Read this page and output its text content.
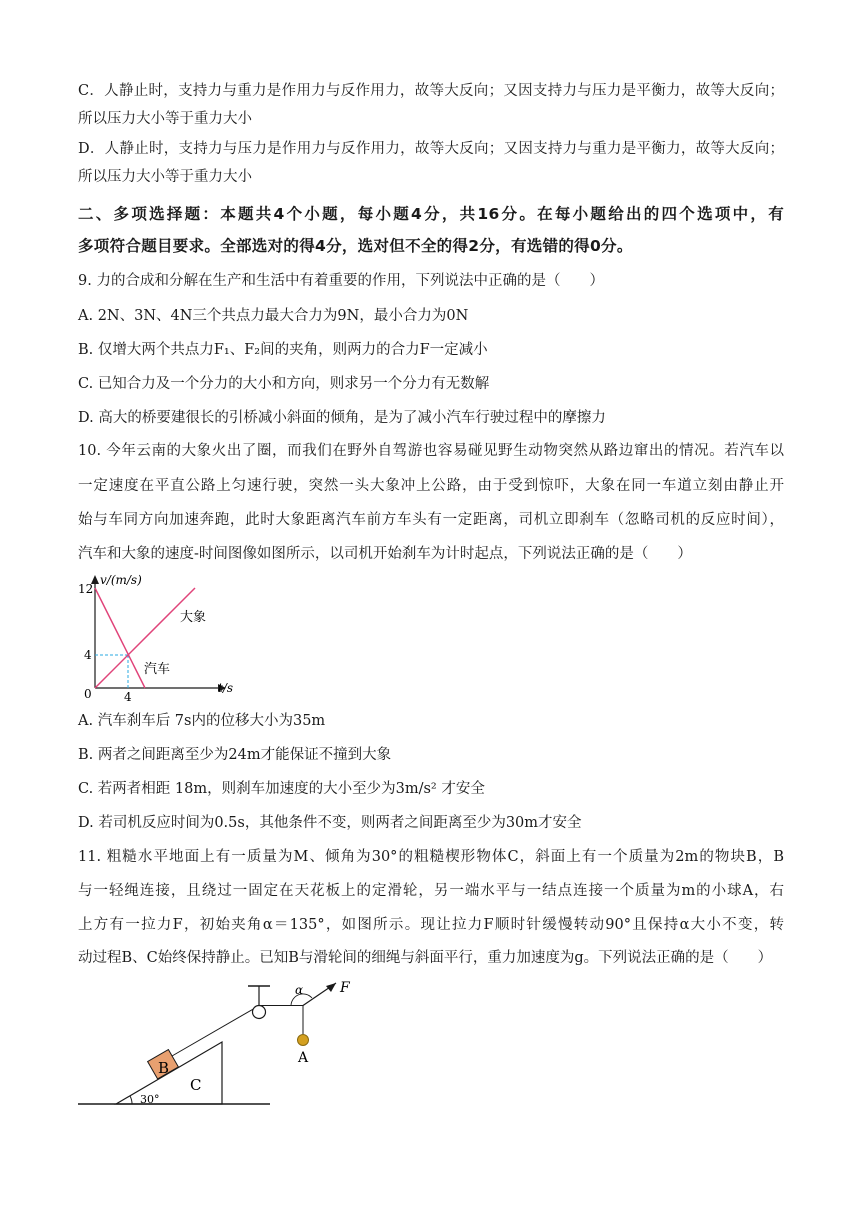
C．人静止时，支持力与重力是作用力与反作用力，故等大反向；又因支持力与压力是平衡力，故等大反向；
所以压力大小等于重力大小
D．人静止时，支持力与压力是作用力与反作用力，故等大反向；又因支持力与重力是平衡力，故等大反向；
所以压力大小等于重力大小
二、多项选择题：本题共4个小题，每小题4分，共16分。在每小题给出的四个选项中，有
多项符合题目要求。全部选对的得4分，选对但不全的得2分，有选错的得0分。
9. 力的合成和分解在生产和生活中有着重要的作用，下列说法中正确的是（　　）
A. 2N、3N、4N三个共点力最大合力为9N，最小合力为0N
B. 仅增大两个共点力F₁、F₂间的夹角，则两力的合力F一定减小
C. 已知合力及一个分力的大小和方向，则求另一个分力有无数解
D. 高大的桥要建很长的引桥减小斜面的倾角，是为了减小汽车行驶过程中的摩擦力
10. 今年云南的大象火出了圈，而我们在野外自驾游也容易碰见野生动物突然从路边窜出的情况。若汽车以
一定速度在平直公路上匀速行驶，突然一头大象冲上公路，由于受到惊吓，大象在同一车道立刻由静止开
始与车同方向加速奔跑，此时大象距离汽车前方车头有一定距离，司机立即刹车（忽略司机的反应时间），
汽车和大象的速度-时间图像如图所示，以司机开始刹车为计时起点，下列说法正确的是（　　）
v/(m/s)
t/s
12
4
4
0
大象
汽车
A. 汽车刹车后 7s内的位移大小为35m
B. 两者之间距离至少为24m才能保证不撞到大象
C. 若两者相距 18m，则刹车加速度的大小至少为3m/s² 才安全
D. 若司机反应时间为0.5s，其他条件不变，则两者之间距离至少为30m才安全
11. 粗糙水平地面上有一质量为M、倾角为30°的粗糙楔形物体C，斜面上有一个质量为2m的物块B，B
与一轻绳连接，且绕过一固定在天花板上的定滑轮，另一端水平与一结点连接一个质量为m的小球A，右
上方有一拉力F，初始夹角α＝135°，如图所示。现让拉力F顺时针缓慢转动90°且保持α大小不变，转
动过程B、C始终保持静止。已知B与滑轮间的细绳与斜面平行，重力加速度为g。下列说法正确的是（　　）
30°
C
B
A
F
α
